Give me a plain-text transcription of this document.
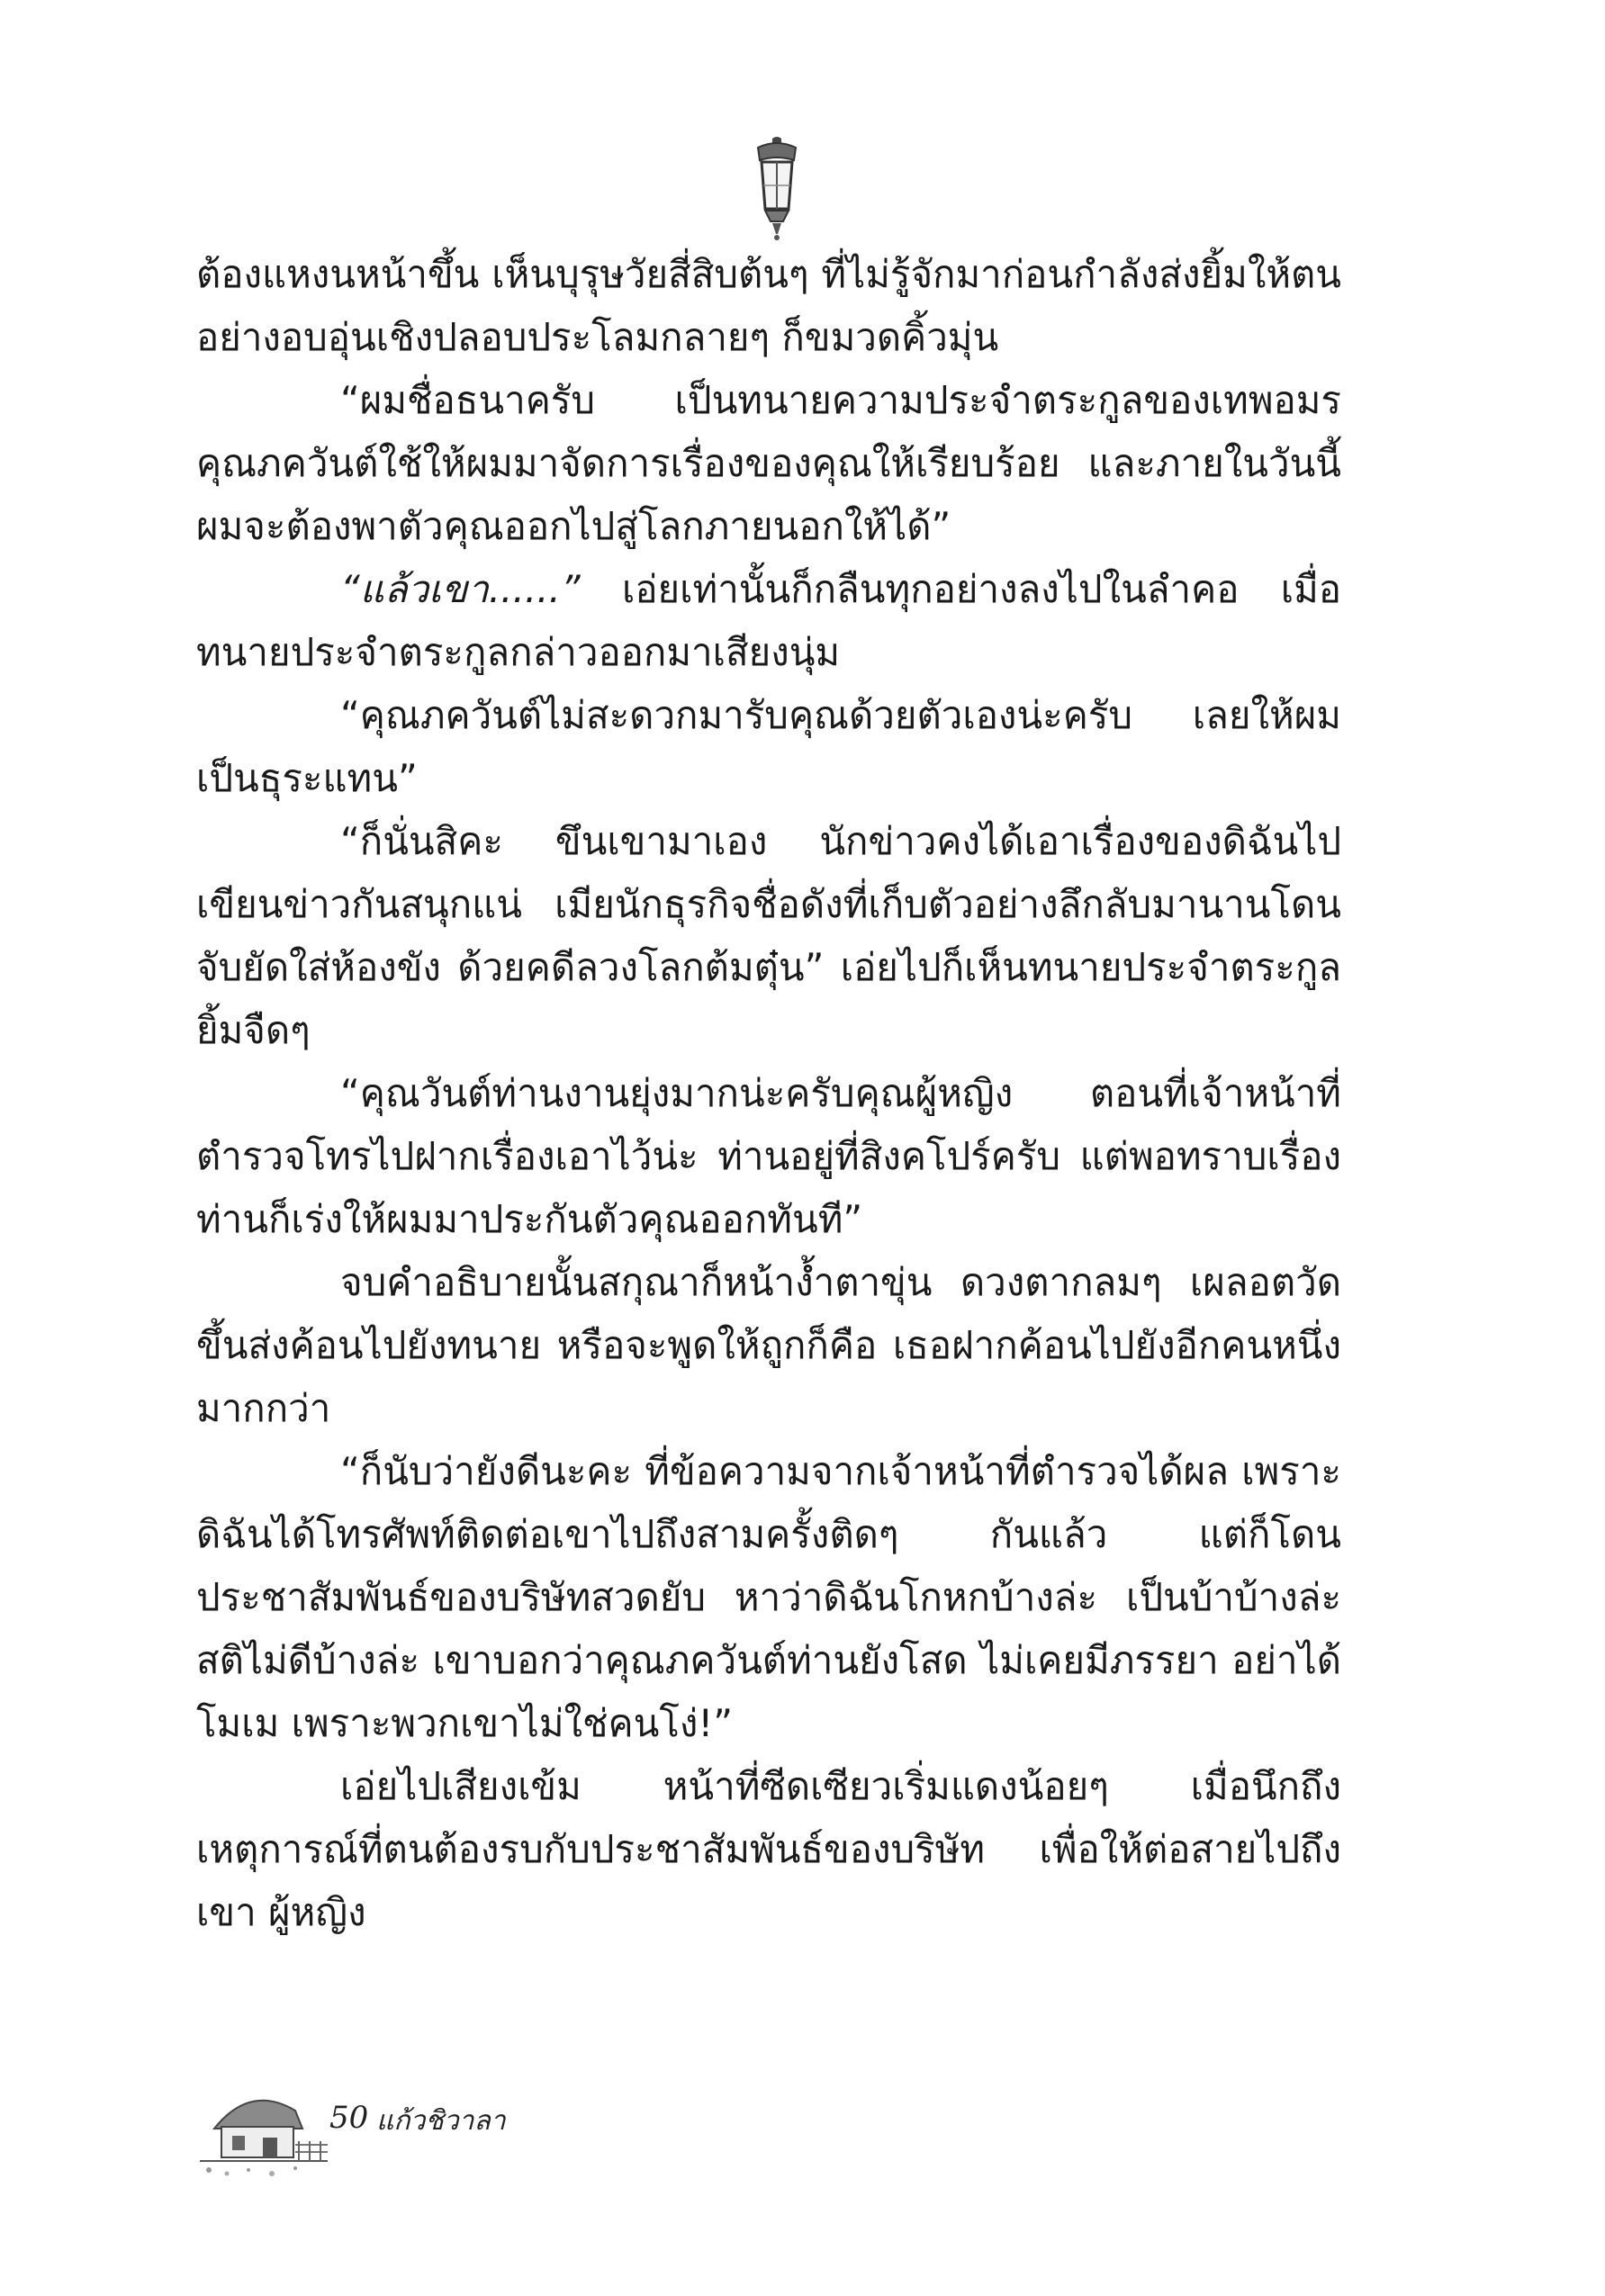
ต้องแหงนหน้าขึ้น เห็นบุรุษวัยสี่สิบต้นๆ ที่ไม่รู้จักมาก่อนกำลังส่งยิ้มให้ตนอย่างอบอุ่นเชิงปลอบประโลมกลายๆ ก็ขมวดคิ้วมุ่น

“ผมชื่อธนาครับ เป็นทนายความประจำตระกูลของเทพอมร คุณภควันต์ใช้ให้ผมมาจัดการเรื่องของคุณให้เรียบร้อย และภายในวันนี้ผมจะต้องพาตัวคุณออกไปสู่โลกภายนอกให้ได้”

“แล้วเขา......” เอ่ยเท่านั้นก็กลืนทุกอย่างลงไปในลำคอ เมื่อทนายประจำตระกูลกล่าวออกมาเสียงนุ่ม

“คุณภควันต์ไม่สะดวกมารับคุณด้วยตัวเองน่ะครับ เลยให้ผมเป็นธุระแทน”

“ก็นั่นสิคะ ขึนเขามาเอง นักข่าวคงได้เอาเรื่องของดิฉันไปเขียนข่าวกันสนุกแน่ เมียนักธุรกิจชื่อดังที่เก็บตัวอย่างลึกลับมานานโดนจับยัดใส่ห้องขัง ด้วยคดีลวงโลกต้มตุ๋น” เอ่ยไปก็เห็นทนายประจำตระกูลยิ้มจืดๆ

“คุณวันต์ท่านงานยุ่งมากน่ะครับคุณผู้หญิง ตอนที่เจ้าหน้าที่ตำรวจโทรไปฝากเรื่องเอาไว้น่ะ ท่านอยู่ที่สิงคโปร์ครับ แต่พอทราบเรื่องท่านก็เร่งให้ผมมาประกันตัวคุณออกทันที”

จบคำอธิบายนั้นสกุณาก็หน้าง้ำตาขุ่น ดวงตากลมๆ เผลอตวัดขึ้นส่งค้อนไปยังทนาย หรือจะพูดให้ถูกก็คือ เธอฝากค้อนไปยังอีกคนหนึ่งมากกว่า

“ก็นับว่ายังดีนะคะ ที่ข้อความจากเจ้าหน้าที่ตำรวจได้ผล เพราะดิฉันได้โทรศัพท์ติดต่อเขาไปถึงสามครั้งติดๆ กันแล้ว แต่ก็โดนประชาสัมพันธ์ของบริษัทสวดยับ หาว่าดิฉันโกหกบ้างล่ะ เป็นบ้าบ้างล่ะ สติไม่ดีบ้างล่ะ เขาบอกว่าคุณภควันต์ท่านยังโสด ไม่เคยมีภรรยา อย่าได้โมเม เพราะพวกเขาไม่ใช่คนโง่!”

เอ่ยไปเสียงเข้ม หน้าที่ซีดเซียวเริ่มแดงน้อยๆ เมื่อนึกถึงเหตุการณ์ที่ตนต้องรบกับประชาสัมพันธ์ของบริษัท เพื่อให้ต่อสายไปถึงเขา ผู้หญิง

50 แก้วชิวาลา
